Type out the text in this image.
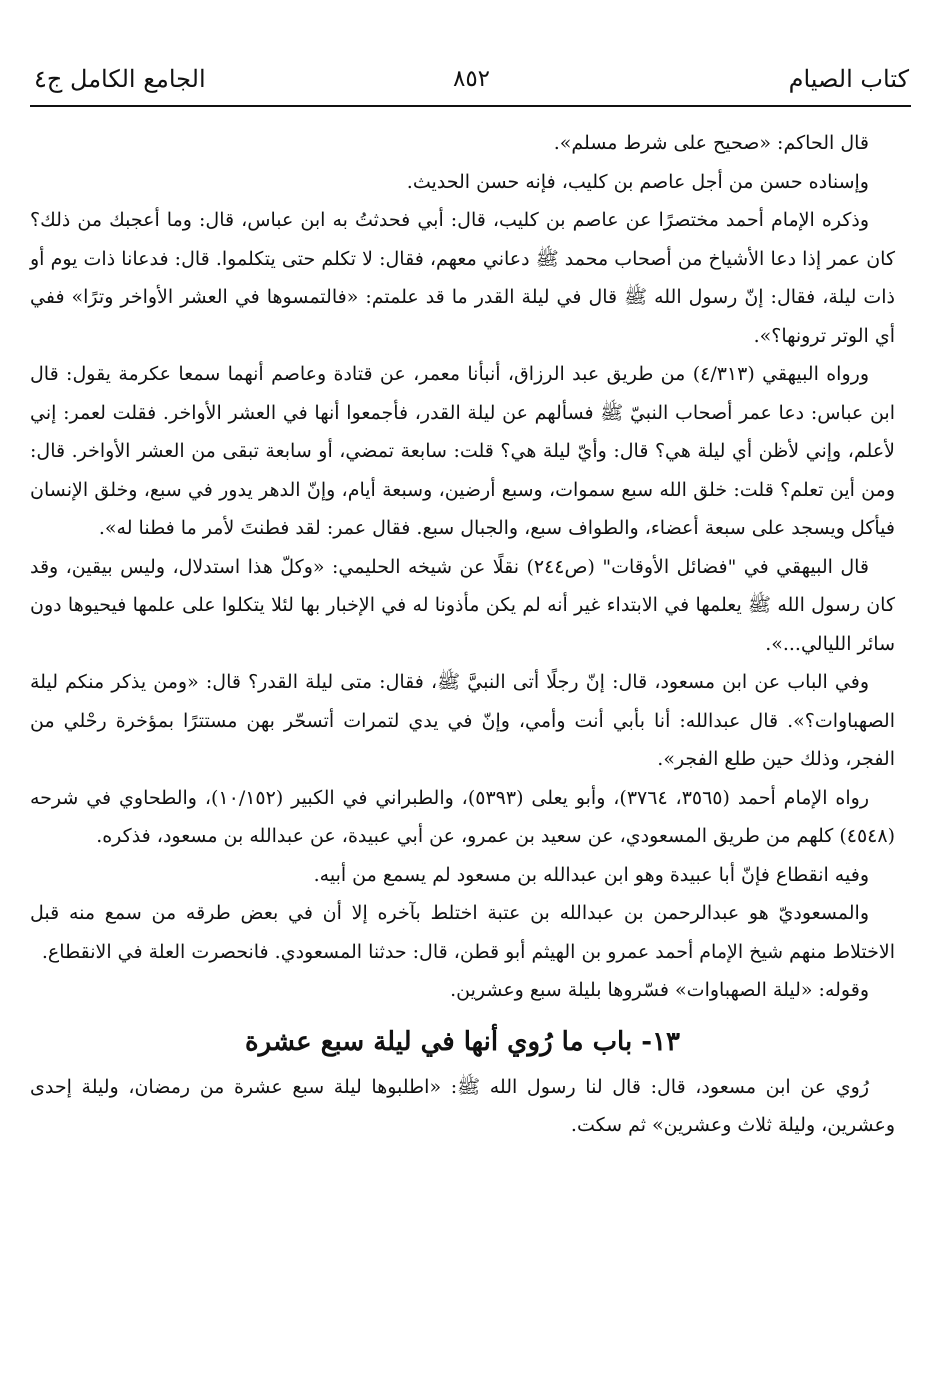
كتاب الصيام
٨٥٢
الجامع الكامل ج٤

قال الحاكم: «صحيح على شرط مسلم».

وإسناده حسن من أجل عاصم بن كليب، فإنه حسن الحديث.

وذكره الإمام أحمد مختصرًا عن عاصم بن كليب، قال: أبي فحدثتُ به ابن عباس، قال: وما أعجبك من ذلك؟ كان عمر إذا دعا الأشياخ من أصحاب محمد ﷺ دعاني معهم، فقال: لا تكلم حتى يتكلموا. قال: فدعانا ذات يوم أو ذات ليلة، فقال: إنّ رسول الله ﷺ قال في ليلة القدر ما قد علمتم: «فالتمسوها في العشر الأواخر وترًا» ففي أي الوتر ترونها؟».

ورواه البيهقي (٤/٣١٣) من طريق عبد الرزاق، أنبأنا معمر، عن قتادة وعاصم أنهما سمعا عكرمة يقول: قال ابن عباس: دعا عمر أصحاب النبيّ ﷺ فسألهم عن ليلة القدر، فأجمعوا أنها في العشر الأواخر. فقلت لعمر: إني لأعلم، وإني لأظن أي ليلة هي؟ قال: وأيّ ليلة هي؟ قلت: سابعة تمضي، أو سابعة تبقى من العشر الأواخر. قال: ومن أين تعلم؟ قلت: خلق الله سبع سموات، وسبع أرضين، وسبعة أيام، وإنّ الدهر يدور في سبع، وخلق الإنسان فيأكل ويسجد على سبعة أعضاء، والطواف سبع، والجبال سبع. فقال عمر: لقد فطنتَ لأمر ما فطنا له».

قال البيهقي في "فضائل الأوقات" (ص٢٤٤) نقلًا عن شيخه الحليمي: «وكلّ هذا استدلال، وليس بيقين، وقد كان رسول الله ﷺ يعلمها في الابتداء غير أنه لم يكن مأذونا له في الإخبار بها لئلا يتكلوا على علمها فيحيوها دون سائر الليالي...».

وفي الباب عن ابن مسعود، قال: إنّ رجلًا أتى النبيَّ ﷺ، فقال: متى ليلة القدر؟ قال: «ومن يذكر منكم ليلة الصهباوات؟». قال عبدالله: أنا بأبي أنت وأمي، وإنّ في يدي لتمرات أتسحّر بهن مستترًا بمؤخرة رحْلي من الفجر، وذلك حين طلع الفجر».

رواه الإمام أحمد (٣٥٦٥، ٣٧٦٤)، وأبو يعلى (٥٣٩٣)، والطبراني في الكبير (١٠/١٥٢)، والطحاوي في شرحه (٤٥٤٨) كلهم من طريق المسعودي، عن سعيد بن عمرو، عن أبي عبيدة، عن عبدالله بن مسعود، فذكره.

وفيه انقطاع فإنّ أبا عبيدة وهو ابن عبدالله بن مسعود لم يسمع من أبيه.

والمسعوديّ هو عبدالرحمن بن عبدالله بن عتبة اختلط بآخره إلا أن في بعض طرقه من سمع منه قبل الاختلاط منهم شيخ الإمام أحمد عمرو بن الهيثم أبو قطن، قال: حدثنا المسعودي. فانحصرت العلة في الانقطاع.

وقوله: «ليلة الصهباوات» فسّروها بليلة سبع وعشرين.

١٣- باب ما رُوي أنها في ليلة سبع عشرة

رُوي عن ابن مسعود، قال: قال لنا رسول الله ﷺ: «اطلبوها ليلة سبع عشرة من رمضان، وليلة إحدى وعشرين، وليلة ثلاث وعشرين» ثم سكت.
